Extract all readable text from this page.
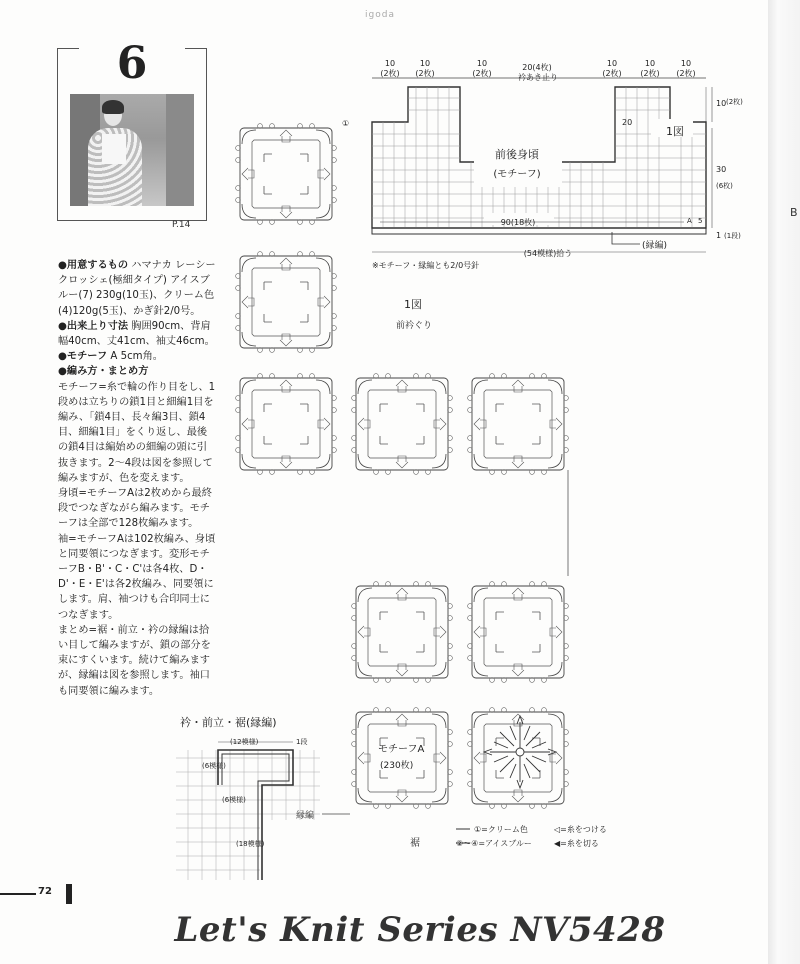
igoda
6
P.14

●用意するもの ハマナカ レーシークロッシェ(極細タイプ) アイスブルー(7) 230g(10玉)、クリーム色(4)120g(5玉)、かぎ針2/0号。

●出来上り寸法 胸囲90cm、背肩幅40cm、丈41cm、袖丈46cm。

●モチーフ A 5cm角。

●編み方・まとめ方

モチーフ=糸で輪の作り目をし、1段めは立ちりの鎖1目と細編1目を編み、「鎖4目、長々編3目、鎖4目、細編1目」をくり返し、最後の鎖4目は編始めの細編の頭に引抜きます。2〜4段は図を参照して編みますが、色を変えます。

身頃=モチーフAは2枚めから最終段でつなぎながら編みます。モチーフは全部で128枚編みます。

袖=モチーフAは102枚編み、身頃と同要領につなぎます。変形モチーフB・B'・C・C'は各4枚、D・D'・E・E'は各2枚編み、同要領にします。肩、袖つけも合印同士につなぎます。

まとめ=裾・前立・衿の縁編は拾い目して編みますが、鎖の部分を束にすくいます。続けて編みますが、縁編は図を参照します。袖口も同要領に編みます。

10
(2枚)
10
(2枚)
10
(2枚)
20(4枚)
衿あき止り
10
(2枚)
10
(2枚)
10
(2枚)
20
1図
前後身頃
(モチーフ)
90(18枚)	A 5
(縁編)
(54模様)拾う
10 (2枚)
30
(6枚)
1 (1段)
※モチーフ・縁編とも2/0号針
1図
前衿ぐり
モチーフA
(230枚)
①
縁編
裾
①=クリーム色
②〜④=アイスブルー
◁=糸をつける
◀=糸を切る
衿・前立・裾(縁編)
(12模様)	1段
(6模様)
(6模様)
(18模様)
72
Let's Knit Series NV5428
B
